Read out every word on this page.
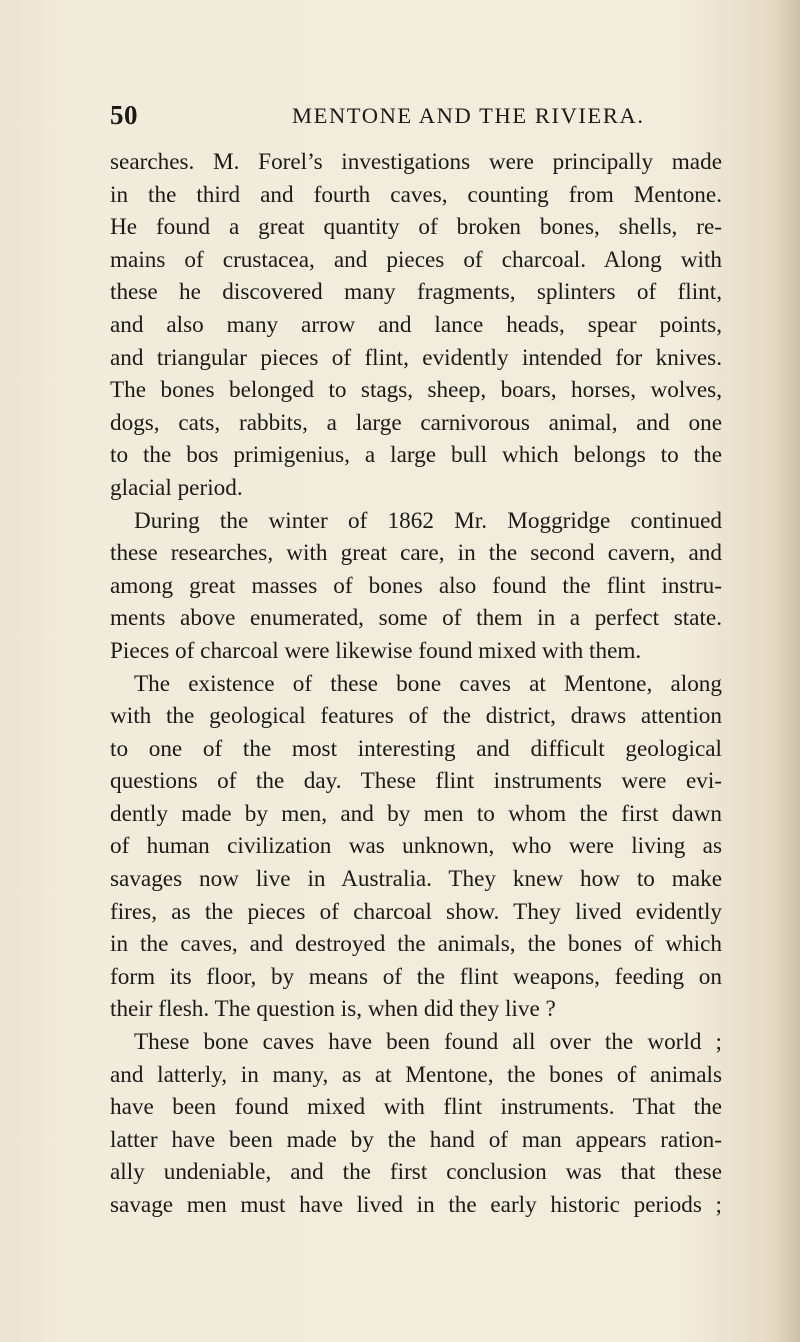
50	MENTONE AND THE RIVIERA.
searches. M. Forel’s investigations were principally made
in the third and fourth caves, counting from Mentone.
He found a great quantity of broken bones, shells, re-
mains of crustacea, and pieces of charcoal. Along with
these he discovered many fragments, splinters of flint,
and also many arrow and lance heads, spear points,
and triangular pieces of flint, evidently intended for knives.
The bones belonged to stags, sheep, boars, horses, wolves,
dogs, cats, rabbits, a large carnivorous animal, and one
to the bos primigenius, a large bull which belongs to the
glacial period.
During the winter of 1862 Mr. Moggridge continued
these researches, with great care, in the second cavern, and
among great masses of bones also found the flint instru-
ments above enumerated, some of them in a perfect state.
Pieces of charcoal were likewise found mixed with them.
The existence of these bone caves at Mentone, along
with the geological features of the district, draws attention
to one of the most interesting and difficult geological
questions of the day. These flint instruments were evi-
dently made by men, and by men to whom the first dawn
of human civilization was unknown, who were living as
savages now live in Australia. They knew how to make
fires, as the pieces of charcoal show. They lived evidently
in the caves, and destroyed the animals, the bones of which
form its floor, by means of the flint weapons, feeding on
their flesh. The question is, when did they live ?
These bone caves have been found all over the world ;
and latterly, in many, as at Mentone, the bones of animals
have been found mixed with flint instruments. That the
latter have been made by the hand of man appears ration-
ally undeniable, and the first conclusion was that these
savage men must have lived in the early historic periods ;
